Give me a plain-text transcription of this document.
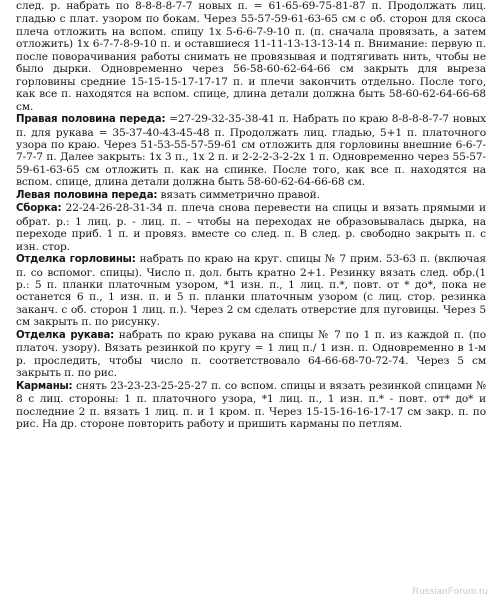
след. р. набрать по 8-8-8-8-7-7 новых п. = 61-65-69-75-81-87 п. Продолжать лиц. гладью с плат. узором по бокам. Через 55-57-59-61-63-65 см с об. сторон для скоса плеча отложить на вспом. спицу 1х 5-6-6-7-9-10 п. (п. сначала провязать, а затем отложить) 1х 6-7-7-8-9-10 п. и оставшиеся 11-11-13-13-13-14 п. Внимание: первую п. после поворачивания работы снимать не провязывая и подтягивать нить, чтобы не было дырки. Одновременно через 56-58-60-62-64-66 см закрыть для выреза горловины средние 15-15-15-17-17-17 п. и плечи закончить отдельно. После того, как все п. находятся на вспом. спице, длина детали должна быть 58-60-62-64-66-68 см.

Правая половина переда: =27-29-32-35-38-41 п. Набрать по краю 8-8-8-8-7-7 новых п. для рукава = 35-37-40-43-45-48 п. Продолжать лиц. гладью, 5+1 п. платочного узора по краю. Через 51-53-55-57-59-61 см отложить для горловины внешние 6-6-7-7-7-7 п. Далее закрыть: 1х 3 п., 1х 2 п. и 2-2-2-3-2-2х 1 п. Одновременно через 55-57-59-61-63-65 см отложить п. как на спинке. После того, как все п. находятся на вспом. спице, длина детали должна быть 58-60-62-64-66-68 см.

Левая половина переда: вязать симметрично правой.

Сборка: 22-24-26-28-31-34 п. плеча снова перевести на спицы и вязать прямыми и обрат. р.: 1 лиц. р. - лиц. п. – чтобы на переходах не образовывалась дырка, на переходе приб. 1 п. и провяз. вместе со след. п. В след. р. свободно закрыть п. с изн. стор.

Отделка горловины: набрать по краю на круг. спицы № 7 прим. 53-63 п. (включая п. со вспомог. спицы). Число п. дол. быть кратно 2+1. Резинку вязать след. обр.(1 р.: 5 п. планки платочным узором, *1 изн. п., 1 лиц. п.*, повт. от * до*, пока не останется 6 п., 1 изн. п. и 5 п. планки платочным узором (с лиц. стор. резинка заканч. с об. сторон 1 лиц. п.). Через 2 см сделать отверстие для пуговицы. Через 5 см закрыть п. по рисунку.

Отделка рукава: набрать по краю рукава на спицы № 7 по 1 п. из каждой п. (по платоч. узору). Вязать резинкой по кругу = 1 лиц п./ 1 изн. п. Одновременно в 1-м р. проследить, чтобы число п. соответствовало 64-66-68-70-72-74. Через 5 см закрыть п. по рис.

Карманы: снять 23-23-23-25-25-27 п. со вспом. спицы и вязать резинкой спицами № 8 с лиц. стороны: 1 п. платочного узора, *1 лиц. п., 1 изн. п.* - повт. от* до* и последние 2 п. вязать 1 лиц. п. и 1 кром. п. Через 15-15-16-16-17-17 см закр. п. по рис. На др. стороне повторить работу и пришить карманы по петлям.

RussianForum.ru
